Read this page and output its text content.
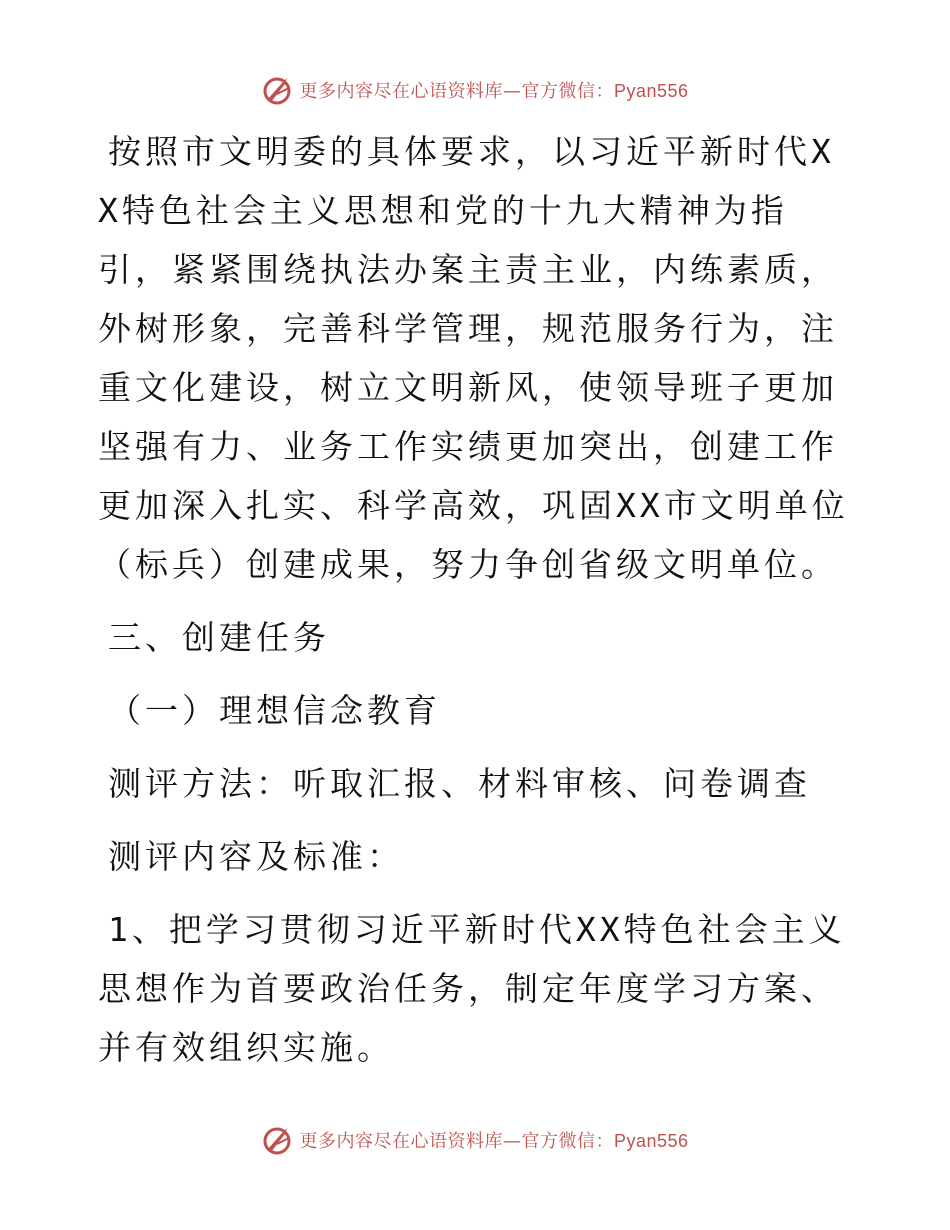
更多内容尽在心语资料库—官方微信：Pyan556

按照市文明委的具体要求，以习近平新时代XX特色社会主义思想和党的十九大精神为指引，紧紧围绕执法办案主责主业，内练素质，外树形象，完善科学管理，规范服务行为，注重文化建设，树立文明新风，使领导班子更加坚强有力、业务工作实绩更加突出，创建工作更加深入扎实、科学高效，巩固XX市文明单位（标兵）创建成果，努力争创省级文明单位。

三、创建任务

（一）理想信念教育

测评方法：听取汇报、材料审核、问卷调查

测评内容及标准：

1、把学习贯彻习近平新时代XX特色社会主义思想作为首要政治任务，制定年度学习方案、并有效组织实施。

更多内容尽在心语资料库—官方微信：Pyan556
